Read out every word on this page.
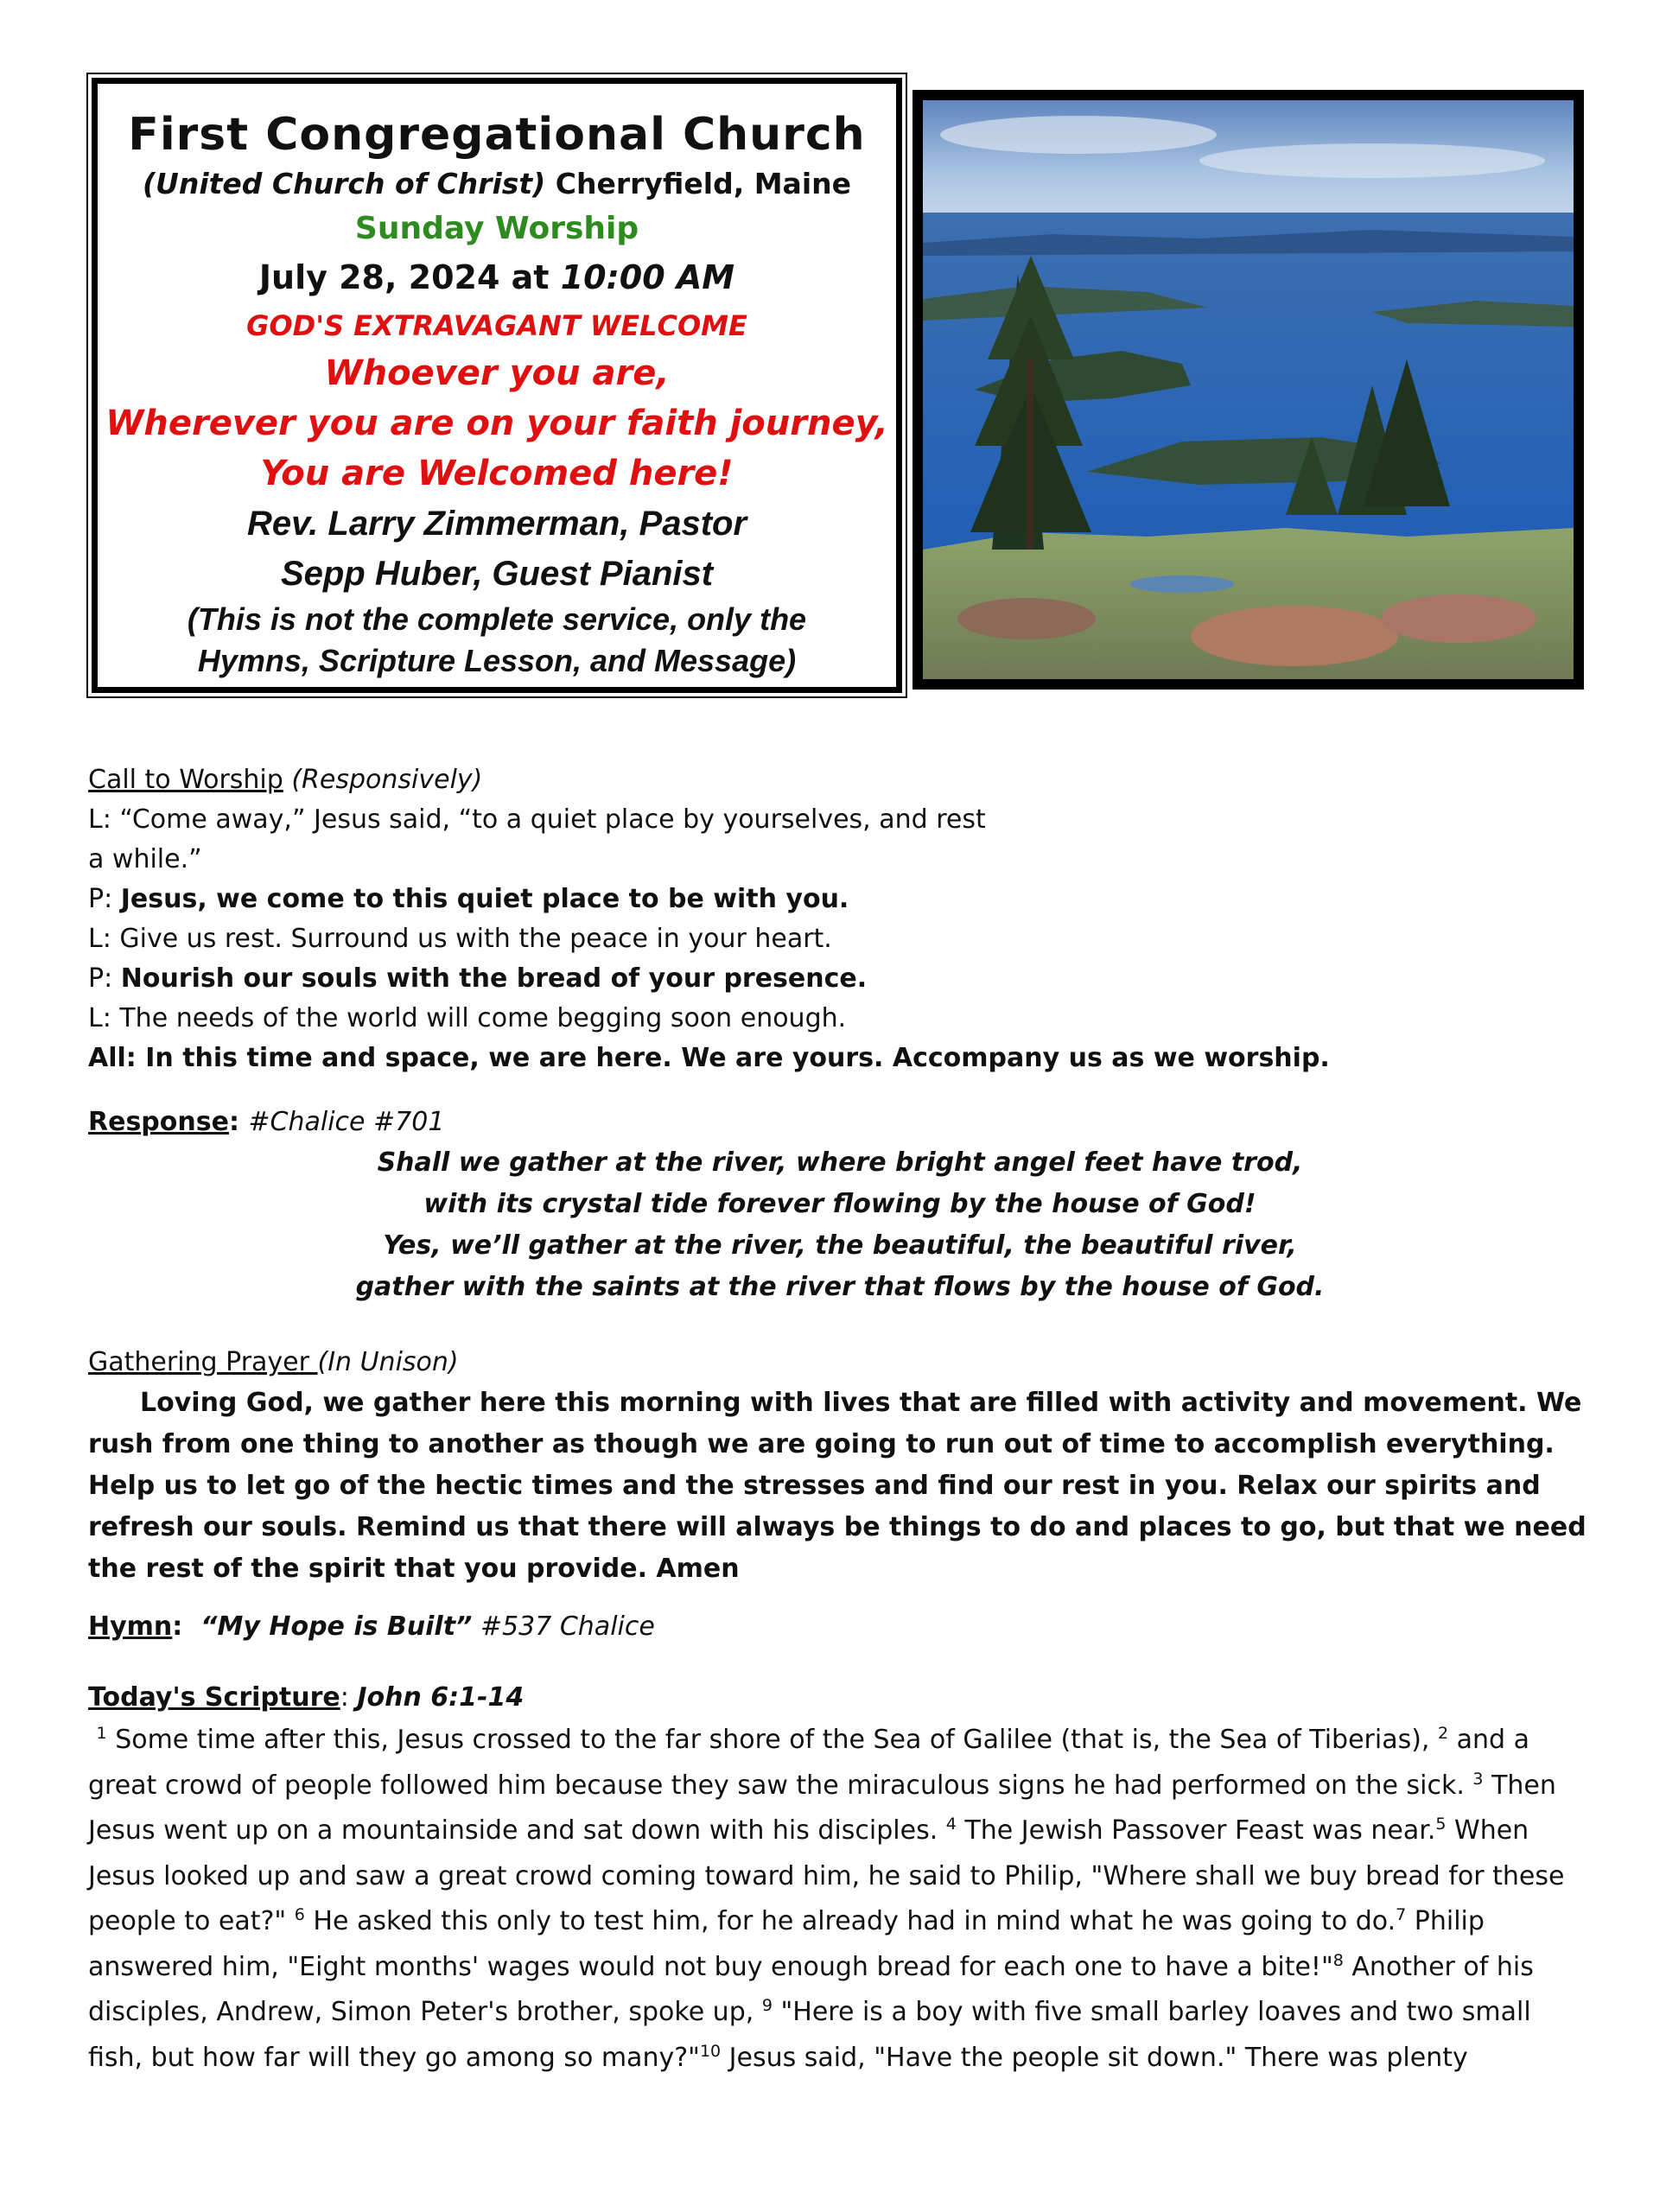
First Congregational Church
(United Church of Christ) Cherryfield, Maine
Sunday Worship
July 28, 2024 at 10:00 AM
GOD'S EXTRAVAGANT WELCOME
Whoever you are,
Wherever you are on your faith journey,
You are Welcomed here!
Rev. Larry Zimmerman, Pastor
Sepp Huber, Guest Pianist
(This is not the complete service, only the
Hymns, Scripture Lesson, and Message)

Call to Worship (Responsively)

L: “Come away,” Jesus said, “to a quiet place by yourselves, and rest

a while.”

P: Jesus, we come to this quiet place to be with you.

L: Give us rest. Surround us with the peace in your heart.

P: Nourish our souls with the bread of your presence.

L: The needs of the world will come begging soon enough.

All: In this time and space, we are here. We are yours. Accompany us as we worship.

Response: #Chalice #701

Shall we gather at the river, where bright angel feet have trod,
with its crystal tide forever flowing by the house of God!
Yes, we’ll gather at the river, the beautiful, the beautiful river,
gather with the saints at the river that flows by the house of God.

Gathering Prayer (In Unison)

Loving God, we gather here this morning with lives that are filled with activity and movement. We rush from one thing to another as though we are going to run out of time to accomplish everything. Help us to let go of the hectic times and the stresses and find our rest in you. Relax our spirits and refresh our souls. Remind us that there will always be things to do and places to go, but that we need the rest of the spirit that you provide. Amen

Hymn:  “My Hope is Built” #537 Chalice

Today's Scripture: John 6:1-14

$^1$ Some time after this, Jesus crossed to the far shore of the Sea of Galilee (that is, the Sea of Tiberias), $^2$ and a great crowd of people followed him because they saw the miraculous signs he had performed on the sick. $^3$ Then Jesus went up on a mountainside and sat down with his disciples. $^4$ The Jewish Passover Feast was near.$^5$ When Jesus looked up and saw a great crowd coming toward him, he said to Philip, "Where shall we buy bread for these people to eat?" $^6$ He asked this only to test him, for he already had in mind what he was going to do.$^7$ Philip answered him, "Eight months' wages would not buy enough bread for each one to have a bite!"$^8$ Another of his disciples, Andrew, Simon Peter's brother, spoke up, $^9$ "Here is a boy with five small barley loaves and two small fish, but how far will they go among so many?"$^{10}$ Jesus said, "Have the people sit down." There was plenty
